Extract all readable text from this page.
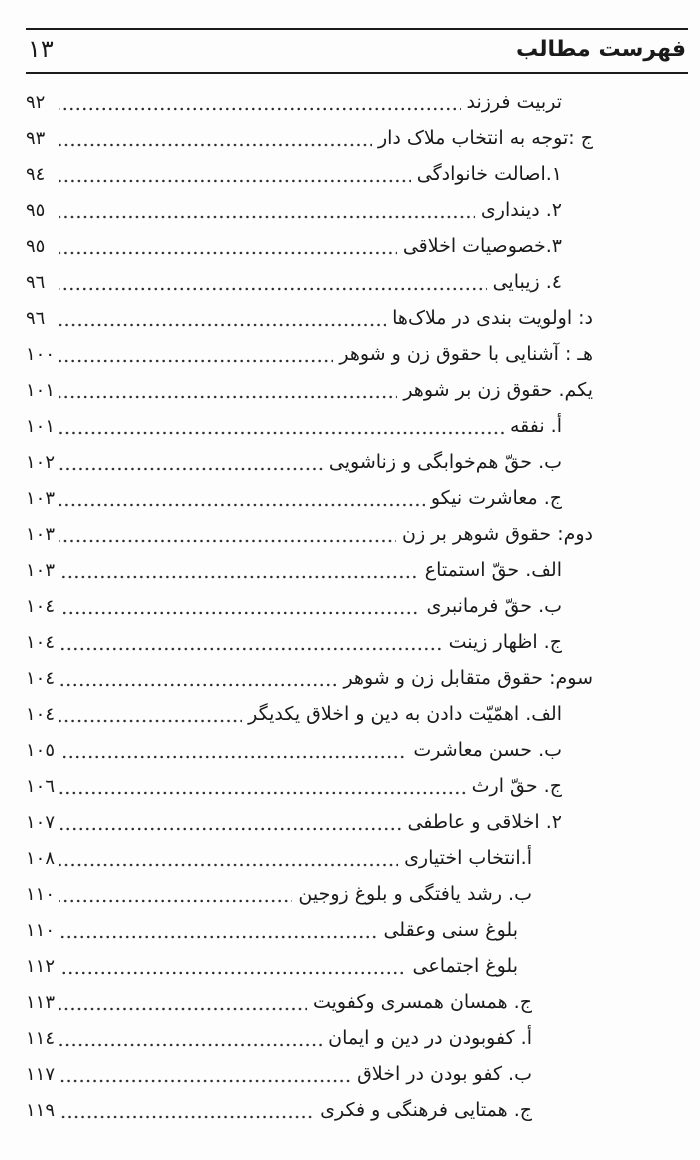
فهرست مطالب
١٣
تربیت فرزند
٩٢
ج :توجه به انتخاب ملاک دار
٩٣
١.اصالت خانوادگی
٩٤
٢. دینداری
٩٥
٣.خصوصیات اخلاقی
٩٥
٤. زیبایی
٩٦
د: اولویت بندی در ملاک‌ها
٩٦
هـ : آشنایی با حقوق زن و شوهر
١٠٠
یکم. حقوق زن بر شوهر
١٠١
أ. نفقه
١٠١
ب. حقّ هم‌خوابگی و زناشویی
١٠٢
ج. معاشرت نیکو
١٠٣
دوم: حقوق شوهر بر زن
١٠٣
الف. حقّ استمتاع
١٠٣
ب. حقّ فرمانبری
١٠٤
ج. اظهار زینت
١٠٤
سوم: حقوق متقابل زن و شوهر
١٠٤
الف. اهمّیّت دادن به دین و اخلاق یکدیگر
١٠٤
ب. حسن معاشرت
١٠٥
ج. حقّ ارث
١٠٦
٢. اخلاقی و عاطفی
١٠٧
أ.انتخاب اختیاری
١٠٨
ب. رشد یافتگی و بلوغ زوجین
١١٠
بلوغ سنی وعقلی
١١٠
بلوغ اجتماعی
١١٢
ج. همسان همسری وکفویت
١١٣
أ. کفوبودن در دین و ایمان
١١٤
ب. کفو بودن در اخلاق
١١٧
ج. همتایی فرهنگی و فکری
١١٩
